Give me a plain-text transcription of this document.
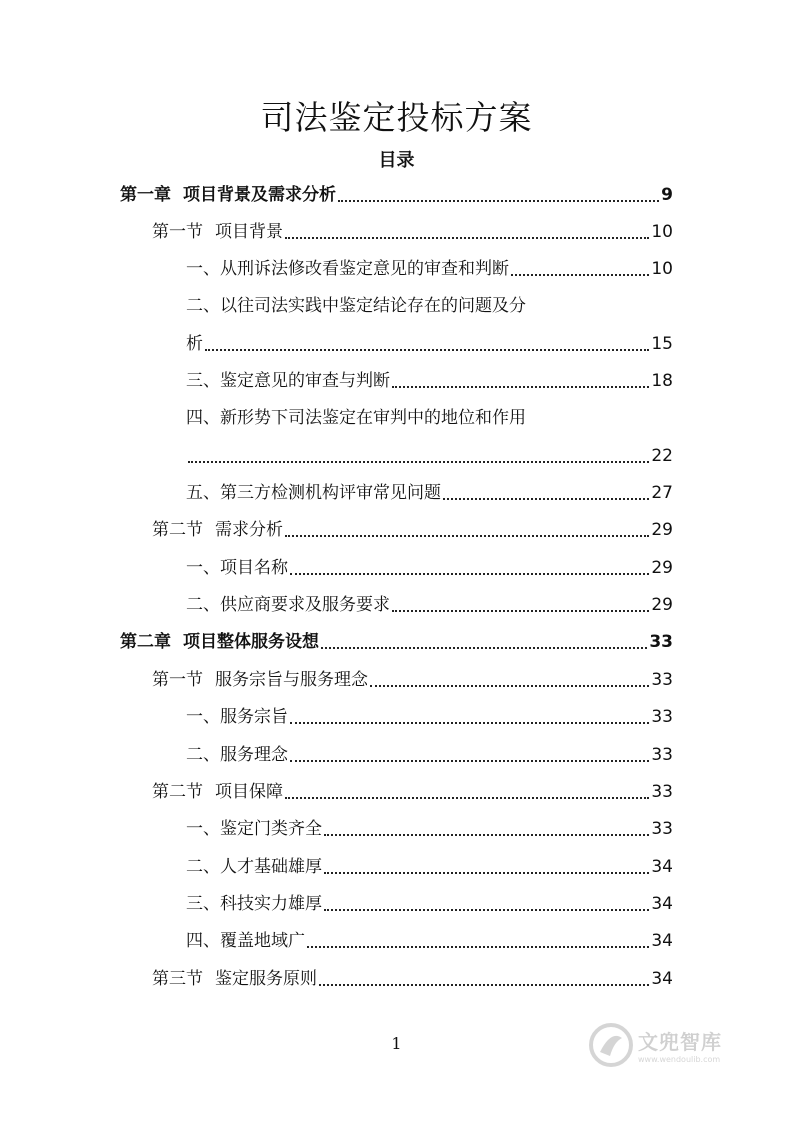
司法鉴定投标方案
目录
第一章 项目背景及需求分析	9
第一节 项目背景	10
一、从刑诉法修改看鉴定意见的审查和判断	10
二、以往司法实践中鉴定结论存在的问题及分
析	15
三、鉴定意见的审查与判断	18
四、新形势下司法鉴定在审判中的地位和作用
22
五、第三方检测机构评审常见问题	27
第二节 需求分析	29
一、项目名称	29
二、供应商要求及服务要求	29
第二章 项目整体服务设想	33
第一节 服务宗旨与服务理念	33
一、服务宗旨	33
二、服务理念	33
第二节 项目保障	33
一、鉴定门类齐全	33
二、人才基础雄厚	34
三、科技实力雄厚	34
四、覆盖地域广	34
第三节 鉴定服务原则	34
1	文兜智库
www.wendoulib.com
